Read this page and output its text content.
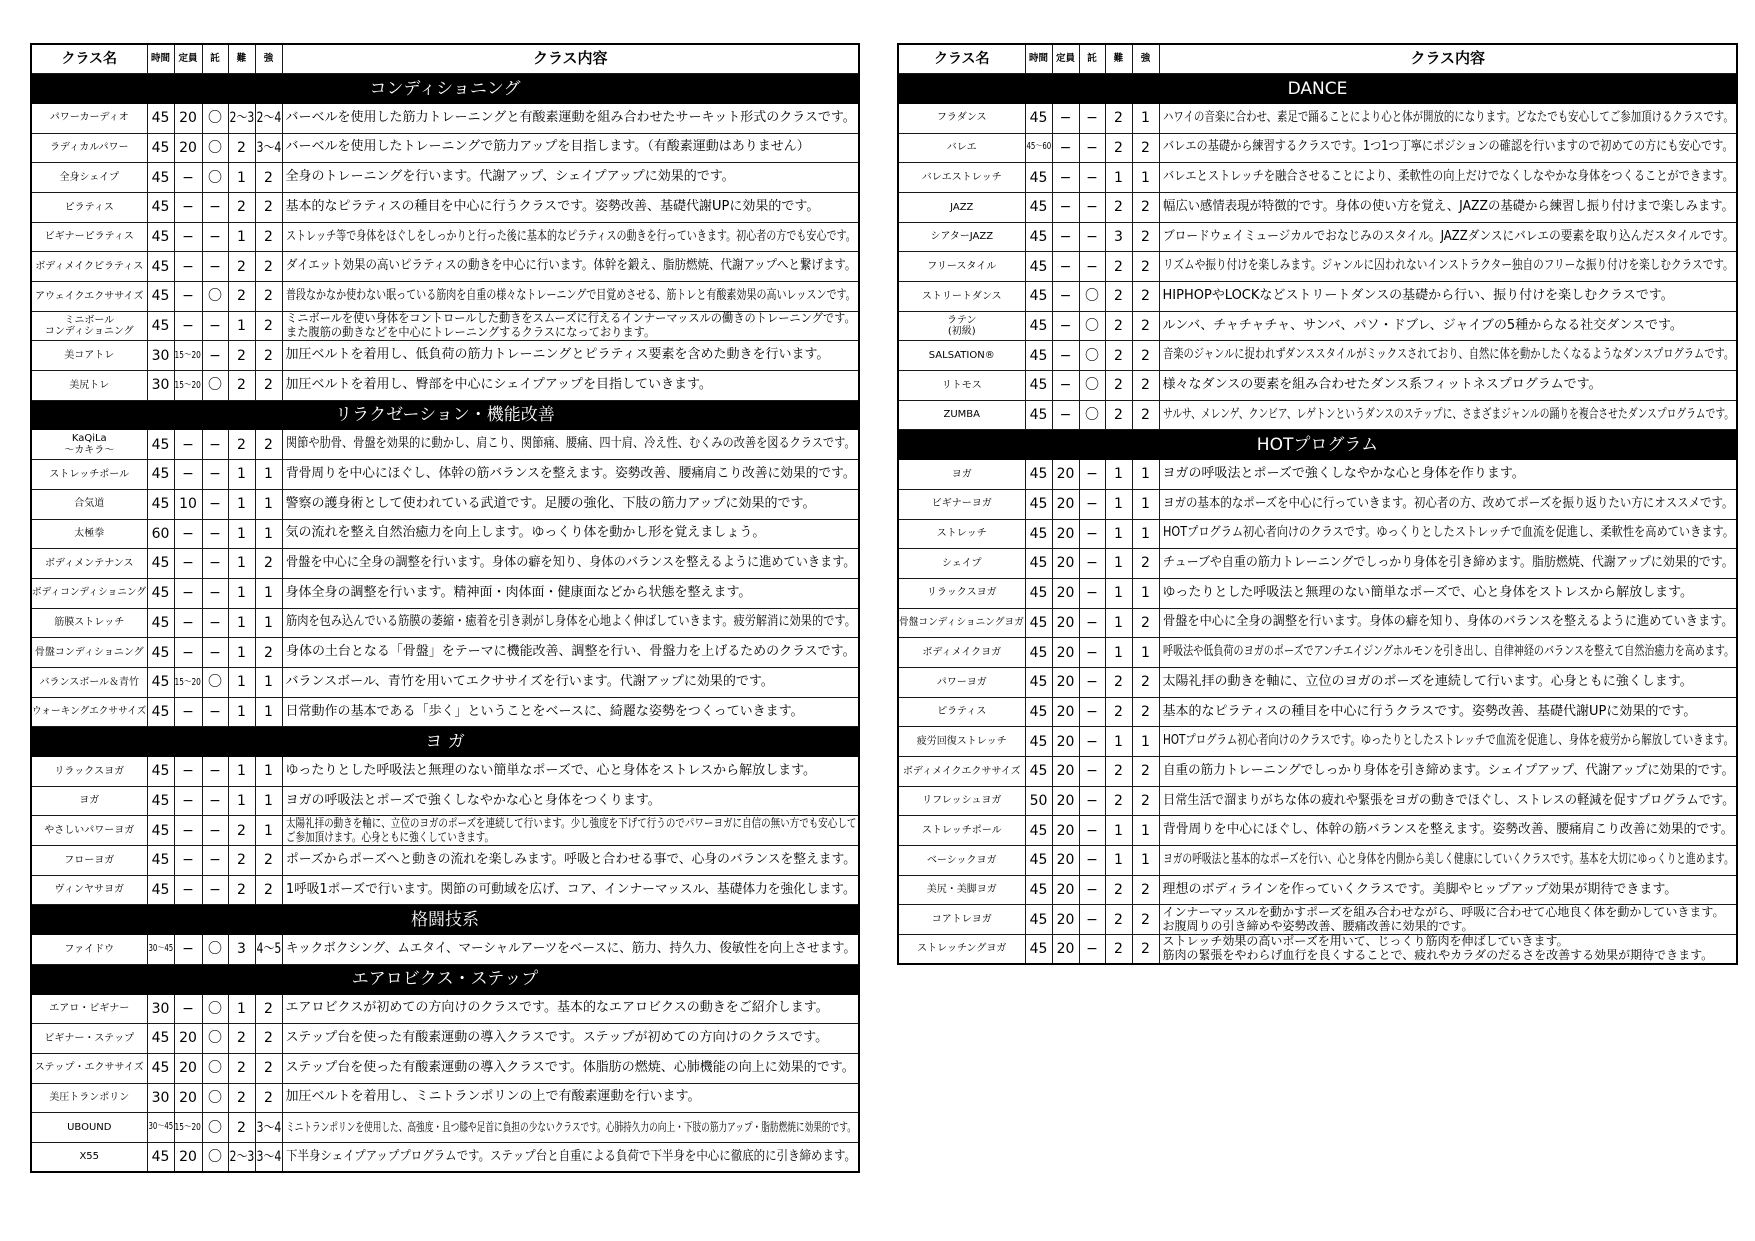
クラス名	時間	定員	託	難	強	クラス内容

コンディショニング						

パワーカーディオ	45	20	〇	2〜3	2〜4	バーベルを使用した筋力トレーニングと有酸素運動を組み合わせたサーキット形式のクラスです。

ラディカルパワー	45	20	〇	2	3〜4	バーベルを使用したトレーニングで筋力アップを目指します。（有酸素運動はありません）

全身シェイプ	45	−	〇	1	2	全身のトレーニングを行います。代謝アップ、シェイプアップに効果的です。

ピラティス	45	−	−	2	2	基本的なピラティスの種目を中心に行うクラスです。姿勢改善、基礎代謝UPに効果的です。

ビギナーピラティス	45	−	−	1	2	ストレッチ等で身体をほぐしをしっかりと行った後に基本的なピラティスの動きを行っていきます。初心者の方でも安心です。

ボディメイクピラティス	45	−	−	2	2	ダイエット効果の高いピラティスの動きを中心に行います。体幹を鍛え、脂肪燃焼、代謝アップへと繋げます。

アウェイクエクササイズ	45	−	〇	2	2	普段なかなか使わない眠っている筋肉を自重の様々なトレーニングで目覚めさせる、筋トレと有酸素効果の高いレッスンです。

ミニボール
コンディショニング	45	−	−	1	2	ミニボールを使い身体をコントロールした動きをスムーズに行えるインナーマッスルの働きのトレーニングです。
また腹筋の動きなどを中心にトレーニングするクラスになっております。

美コアトレ	30	15〜20	−	2	2	加圧ベルトを着用し、低負荷の筋力トレーニングとピラティス要素を含めた動きを行います。

美尻トレ	30	15〜20	〇	2	2	加圧ベルトを着用し、臀部を中心にシェイプアップを目指していきます。

リラクゼーション・機能改善						

KaQiLa
〜カキラ〜	45	−	−	2	2	関節や肋骨、骨盤を効果的に動かし、肩こり、関節痛、腰痛、四十肩、冷え性、むくみの改善を図るクラスです。

ストレッチポール	45	−	−	1	1	背骨周りを中心にほぐし、体幹の筋バランスを整えます。姿勢改善、腰痛肩こり改善に効果的です。

合気道	45	10	−	1	1	警察の護身術として使われている武道です。足腰の強化、下肢の筋力アップに効果的です。

太極拳	60	−	−	1	1	気の流れを整え自然治癒力を向上します。ゆっくり体を動かし形を覚えましょう。

ボディメンテナンス	45	−	−	1	2	骨盤を中心に全身の調整を行います。身体の癖を知り、身体のバランスを整えるように進めていきます。

ボディコンディショニング	45	−	−	1	1	身体全身の調整を行います。精神面・肉体面・健康面などから状態を整えます。

筋膜ストレッチ	45	−	−	1	1	筋肉を包み込んでいる筋膜の萎縮・癒着を引き剥がし身体を心地よく伸ばしていきます。疲労解消に効果的です。

骨盤コンディショニング	45	−	−	1	2	身体の土台となる「骨盤」をテーマに機能改善、調整を行い、骨盤力を上げるためのクラスです。

バランスボール＆青竹	45	15〜20	〇	1	1	バランスボール、青竹を用いてエクササイズを行います。代謝アップに効果的です。

ウォーキングエクササイズ	45	−	−	1	1	日常動作の基本である「歩く」ということをベースに、綺麗な姿勢をつくっていきます。

ヨ ガ						

リラックスヨガ	45	−	−	1	1	ゆったりとした呼吸法と無理のない簡単なポーズで、心と身体をストレスから解放します。

ヨガ	45	−	−	1	1	ヨガの呼吸法とポーズで強くしなやかな心と身体をつくります。

やさしいパワーヨガ	45	−	−	2	1	太陽礼拝の動きを軸に、立位のヨガのポーズを連続して行います。少し強度を下げて行うのでパワーヨガに自信の無い方でも安心して
ご参加頂けます。心身ともに強くしていきます。

フローヨガ	45	−	−	2	2	ポーズからポーズへと動きの流れを楽しみます。呼吸と合わせる事で、心身のバランスを整えます。

ヴィンヤサヨガ	45	−	−	2	2	1呼吸1ポーズで行います。関節の可動域を広げ、コア、インナーマッスル、基礎体力を強化します。

格闘技系						

ファイドウ	30〜45	−	〇	3	4〜5	キックボクシング、ムエタイ、マーシャルアーツをベースに、筋力、持久力、俊敏性を向上させます。

エアロビクス・ステップ						

エアロ・ビギナー	30	−	〇	1	2	エアロビクスが初めての方向けのクラスです。基本的なエアロビクスの動きをご紹介します。

ビギナー・ステップ	45	20	〇	2	2	ステップ台を使った有酸素運動の導入クラスです。ステップが初めての方向けのクラスです。

ステップ・エクササイズ	45	20	〇	2	2	ステップ台を使った有酸素運動の導入クラスです。体脂肪の燃焼、心肺機能の向上に効果的です。

美圧トランポリン	30	20	〇	2	2	加圧ベルトを着用し、ミニトランポリンの上で有酸素運動を行います。

UBOUND	30〜45	15〜20	〇	2	3〜4	ミニトランポリンを使用した、高強度・且つ膝や足首に負担の少ないクラスです。心肺持久力の向上・下肢の筋力アップ・脂肪燃焼に効果的です。

X55	45	20	〇	2〜3	3〜4	下半身シェイプアッププログラムです。ステップ台と自重による負荷で下半身を中心に徹底的に引き締めます。
クラス名	時間	定員	託	難	強	クラス内容

DANCE						

フラダンス	45	−	−	2	1	ハワイの音楽に合わせ、素足で踊ることにより心と体が開放的になります。どなたでも安心してご参加頂けるクラスです。

バレエ	45〜60	−	−	2	2	バレエの基礎から練習するクラスです。1つ1つ丁寧にポジションの確認を行いますので初めての方にも安心です。

バレエストレッチ	45	−	−	1	1	バレエとストレッチを融合させることにより、柔軟性の向上だけでなくしなやかな身体をつくることができます。

JAZZ	45	−	−	2	2	幅広い感情表現が特徴的です。身体の使い方を覚え、JAZZの基礎から練習し振り付けまで楽しみます。

シアターJAZZ	45	−	−	3	2	ブロードウェイミュージカルでおなじみのスタイル。JAZZダンスにバレエの要素を取り込んだスタイルです。

フリースタイル	45	−	−	2	2	リズムや振り付けを楽しみます。ジャンルに囚われないインストラクター独自のフリーな振り付けを楽しむクラスです。

ストリートダンス	45	−	〇	2	2	HIPHOPやLOCKなどストリートダンスの基礎から行い、振り付けを楽しむクラスです。

ラテン
(初級)	45	−	〇	2	2	ルンバ、チャチャチャ、サンバ、パソ・ドブレ、ジャイブの5種からなる社交ダンスです。

SALSATION®	45	−	〇	2	2	音楽のジャンルに捉われずダンススタイルがミックスされており、自然に体を動かしたくなるようなダンスプログラムです。

リトモス	45	−	〇	2	2	様々なダンスの要素を組み合わせたダンス系フィットネスプログラムです。

ZUMBA	45	−	〇	2	2	サルサ、メレンゲ、クンビア、レゲトンというダンスのステップに、さまざまジャンルの踊りを複合させたダンスプログラムです。

HOTプログラム						

ヨガ	45	20	−	1	1	ヨガの呼吸法とポーズで強くしなやかな心と身体を作ります。

ビギナーヨガ	45	20	−	1	1	ヨガの基本的なポーズを中心に行っていきます。初心者の方、改めてポーズを振り返りたい方にオススメです。

ストレッチ	45	20	−	1	1	HOTプログラム初心者向けのクラスです。ゆっくりとしたストレッチで血流を促進し、柔軟性を高めていきます。

シェイプ	45	20	−	1	2	チューブや自重の筋力トレーニングでしっかり身体を引き締めます。脂肪燃焼、代謝アップに効果的です。

リラックスヨガ	45	20	−	1	1	ゆったりとした呼吸法と無理のない簡単なポーズで、心と身体をストレスから解放します。

骨盤コンディショニングヨガ	45	20	−	1	2	骨盤を中心に全身の調整を行います。身体の癖を知り、身体のバランスを整えるように進めていきます。

ボディメイクヨガ	45	20	−	1	1	呼吸法や低負荷のヨガのポーズでアンチエイジングホルモンを引き出し、自律神経のバランスを整えて自然治癒力を高めます。

パワーヨガ	45	20	−	2	2	太陽礼拝の動きを軸に、立位のヨガのポーズを連続して行います。心身ともに強くします。

ピラティス	45	20	−	2	2	基本的なピラティスの種目を中心に行うクラスです。姿勢改善、基礎代謝UPに効果的です。

疲労回復ストレッチ	45	20	−	1	1	HOTプログラム初心者向けのクラスです。ゆったりとしたストレッチで血流を促進し、身体を疲労から解放していきます。

ボディメイクエクササイズ	45	20	−	2	2	自重の筋力トレーニングでしっかり身体を引き締めます。シェイプアップ、代謝アップに効果的です。

リフレッシュヨガ	50	20	−	2	2	日常生活で溜まりがちな体の疲れや緊張をヨガの動きでほぐし、ストレスの軽減を促すプログラムです。

ストレッチポール	45	20	−	1	1	背骨周りを中心にほぐし、体幹の筋バランスを整えます。姿勢改善、腰痛肩こり改善に効果的です。

ベーシックヨガ	45	20	−	1	1	ヨガの呼吸法と基本的なポーズを行い、心と身体を内側から美しく健康にしていくクラスです。基本を大切にゆっくりと進めます。

美尻・美脚ヨガ	45	20	−	2	2	理想のボディラインを作っていくクラスです。美脚やヒップアップ効果が期待できます。

コアトレヨガ	45	20	−	2	2	インナーマッスルを動かすポーズを組み合わせながら、呼吸に合わせて心地良く体を動かしていきます。
お腹周りの引き締めや姿勢改善、腰痛改善に効果的です。

ストレッチングヨガ	45	20	−	2	2	ストレッチ効果の高いポーズを用いて、じっくり筋肉を伸ばしていきます。
筋肉の緊張をやわらげ血行を良くすることで、疲れやカラダのだるさを改善する効果が期待できます。
